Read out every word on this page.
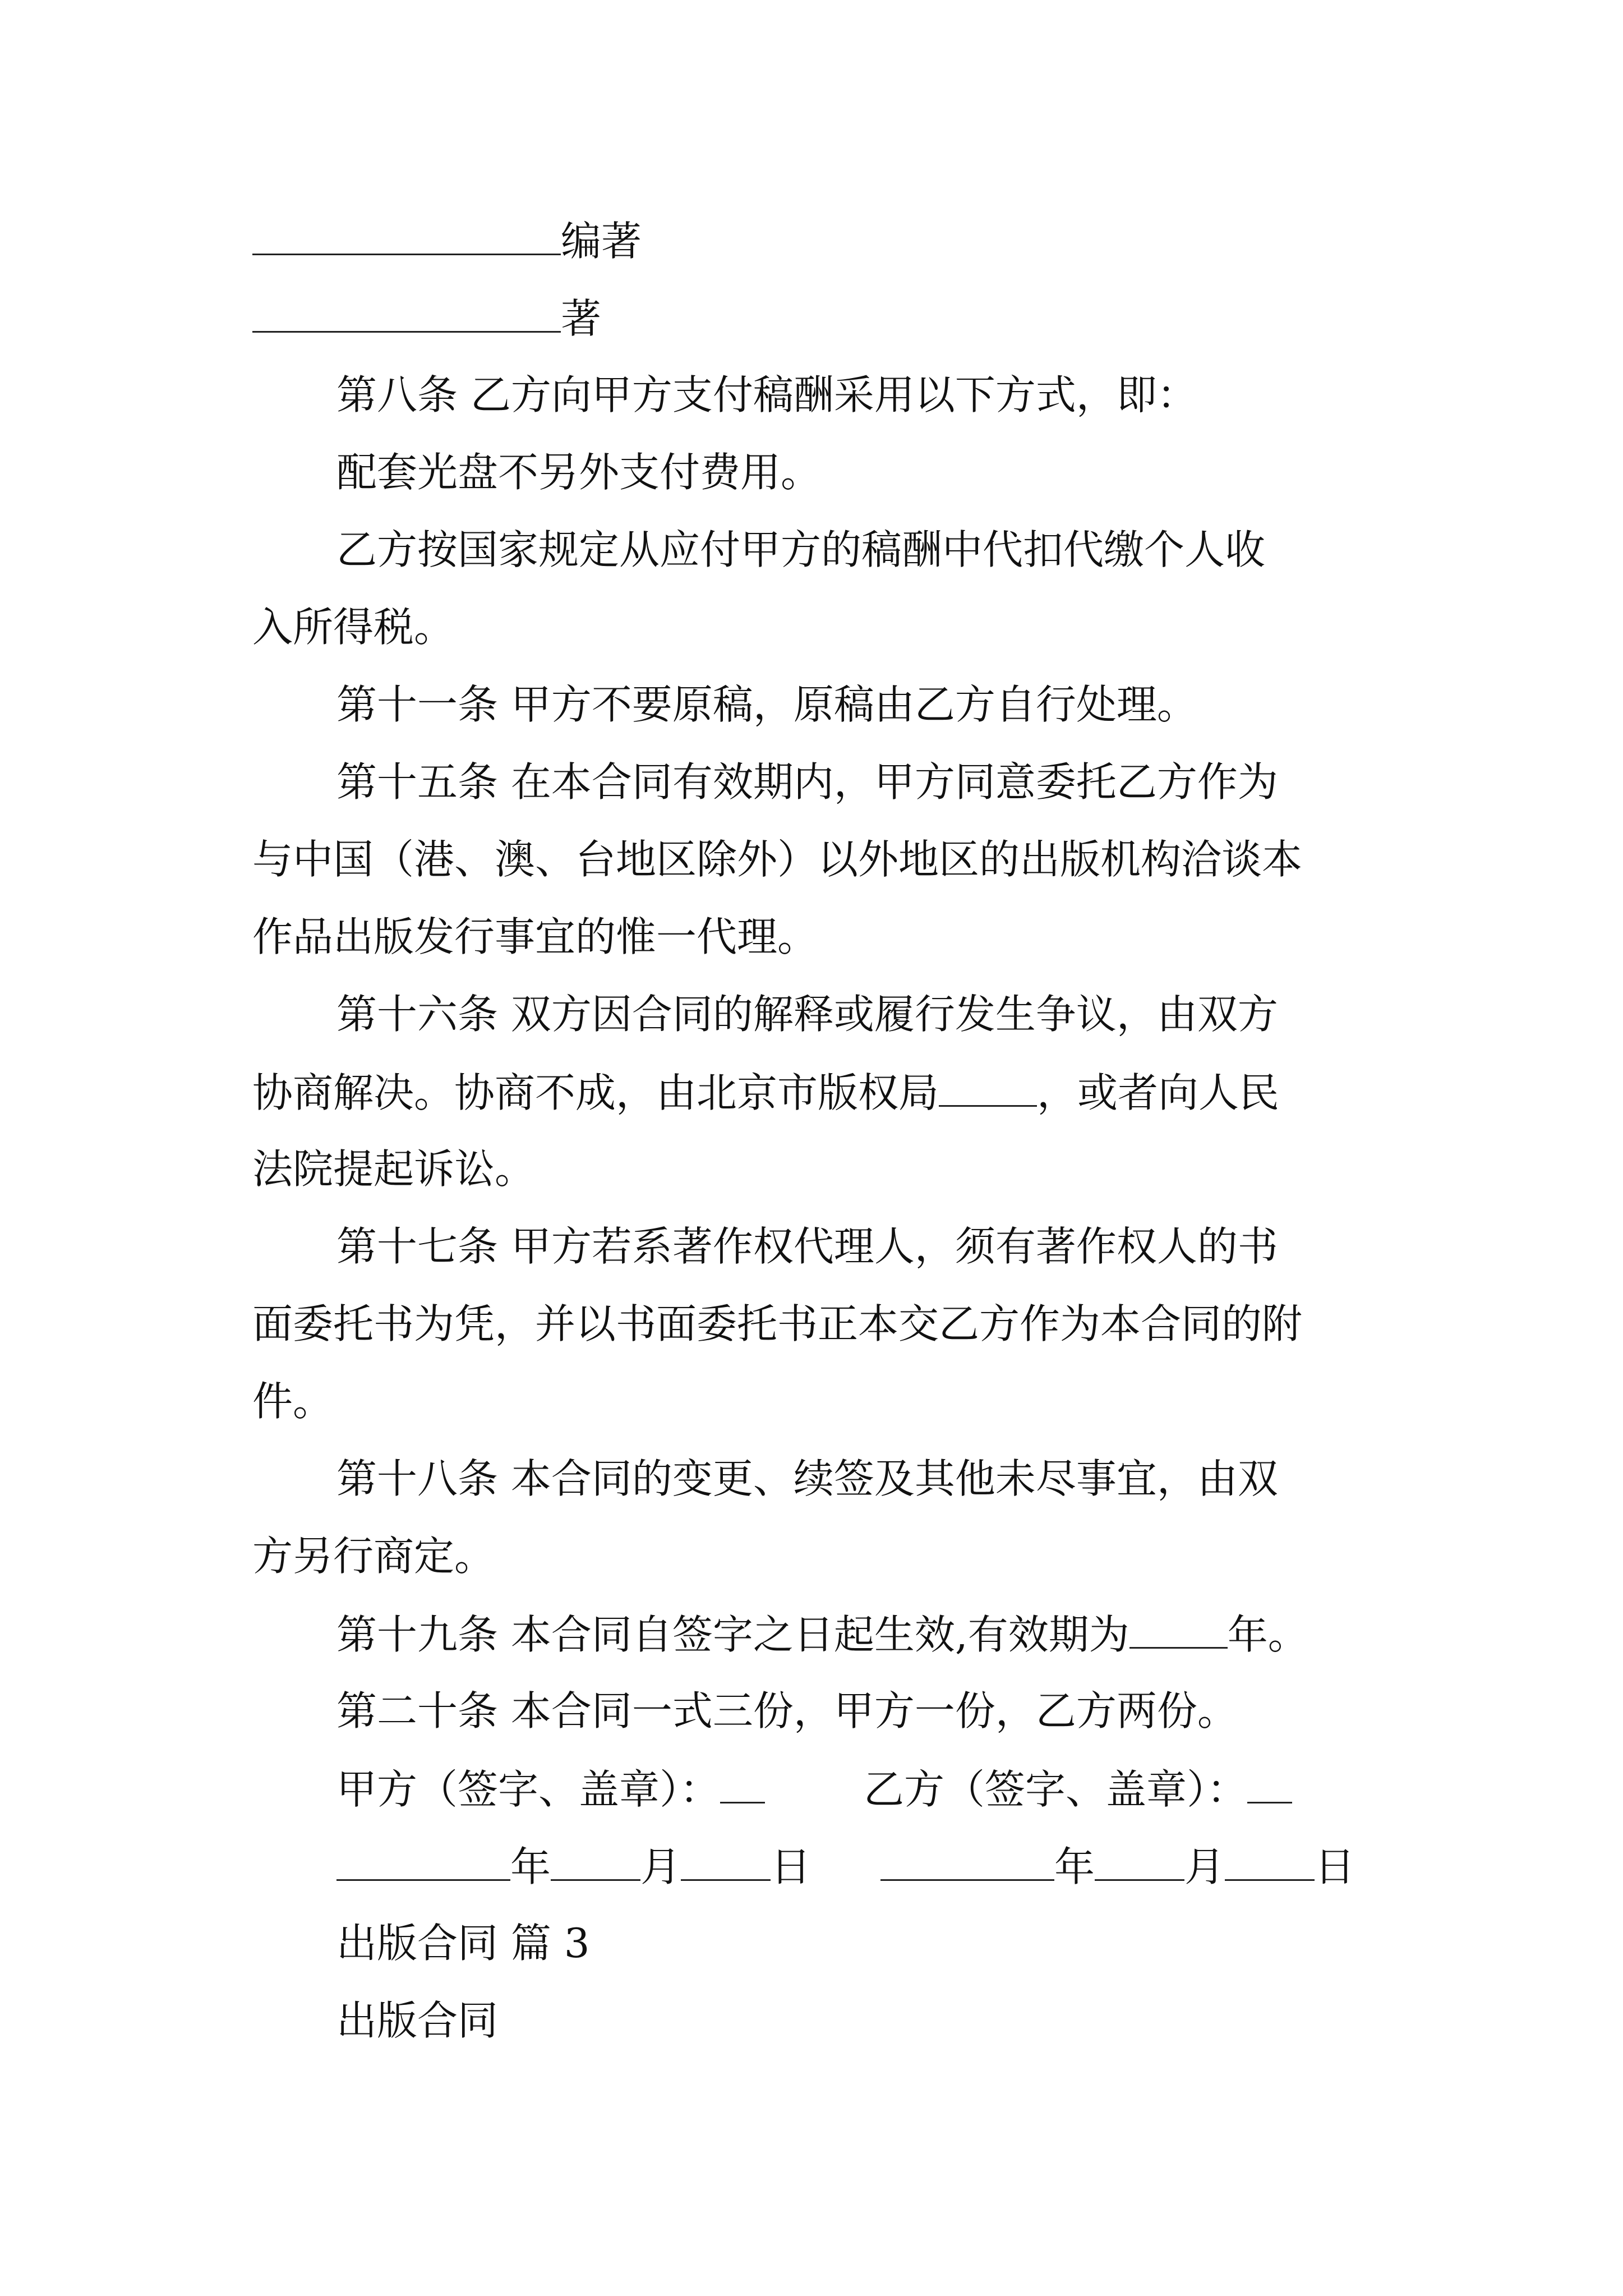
编著
著
第八条 乙方向甲方支付稿酬采用以下方式，即：
配套光盘不另外支付费用。
乙方按国家规定从应付甲方的稿酬中代扣代缴个人收
入所得税。
第十一条 甲方不要原稿，原稿由乙方自行处理。
第十五条 在本合同有效期内，甲方同意委托乙方作为
与中国（港、澳、台地区除外）以外地区的出版机构洽谈本
作品出版发行事宜的惟一代理。
第十六条 双方因合同的解释或履行发生争议，由双方
协商解决。协商不成，由北京市版权局 ，或者向人民
法院提起诉讼。
第十七条 甲方若系著作权代理人，须有著作权人的书
面委托书为凭，并以书面委托书正本交乙方作为本合同的附
件。
第十八条 本合同的变更、续签及其他未尽事宜，由双
方另行商定。
第十九条 本合同自签字之日起生效,有效期为 年。
第二十条 本合同一式三份，甲方一份，乙方两份。
甲方（签字、盖章）：	乙方（签字、盖章）：
年 月 日	年 月 日
出版合同 篇 3
出版合同
